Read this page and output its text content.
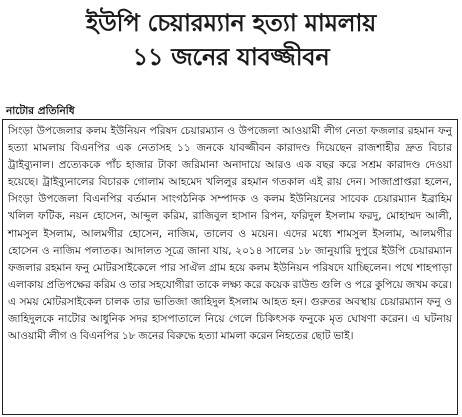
ইউপি চেয়ারম্যান হত্যা মামলায়
১১ জনের যাবজ্জীবন
নাটোর প্রতিনিধি

সিংড়া উপজেলার কলম ইউনিয়ন পরিষদ চেয়ারম্যান ও উপজেলা আওয়ামী লীগ নেতা ফজলার রহমান ফনু হত্যা মামলায় বিএনপির এক নেতাসহ ১১ জনকে যাবজ্জীবন কারাদণ্ড দিয়েছেন রাজশাহীর দ্রুত বিচার ট্রাইব্যুনাল। প্রত্যেককে পাঁচ হাজার টাকা জরিমানা অনাদায়ে আরও এক বছর করে সশ্রম কারাদণ্ড দেওয়া হয়েছে। ট্রাইব্যুনালের বিচারক গোলাম আহমেদ খলিলুর রহমান গতকাল এই রায় দেন। সাজাপ্রাপ্তরা হলেন, সিংড়া উপজেলা বিএনপির বর্তমান সাংগঠনিক সম্পাদক ও কলম ইউনিয়নের সাবেক চেয়ারম্যান ইব্রাহিম খলিল ফটিক, নয়ন হোসেন, আব্দুল করিম, রাজিবুল হাসান রিপন, ফরিদুল ইসলাম ফরদু, মোহাম্মদ আলী, শামসুল ইসলাম, আলমগীর হোসেন, নাজিম, তালেব ও ময়েন। এদের মধ্যে শামসুল ইসলাম, আলমগীর হোসেন ও নাজিম পলাতক। আদালত সূত্রে জানা যায়, ২০১৪ সালের ১৮ জানুয়ারি দুপুরে ইউপি চেয়ারম্যান ফজলার রহমান ফনু মোটরসাইকেলে পার সাঐল গ্রাম হয়ে কলম ইউনিয়ন পরিষদে যাচ্ছিলেন। পথে শাহপাড়া এলাকায় প্রতিপক্ষের করিম ও তার সহযোগীরা তাকে লক্ষ্য করে কয়েক রাউন্ড গুলি ও পরে কুপিয়ে জখম করে। এ সময় মোটরসাইকেল চালক তার ভাতিজা জাহিদুল ইসলাম আহত হন। গুরুতর অবস্থায় চেয়ারম্যান ফনু ও জাহিদুলকে নাটোর আধুনিক সদর হাসপাতালে নিয়ে গেলে চিকিৎসক ফনুকে মৃত ঘোষণা করেন। এ ঘটনায় আওয়ামী লীগ ও বিএনপির ১৮ জনের বিরুদ্ধে হত্যা মামলা করেন নিহতের ছোট ভাই।
